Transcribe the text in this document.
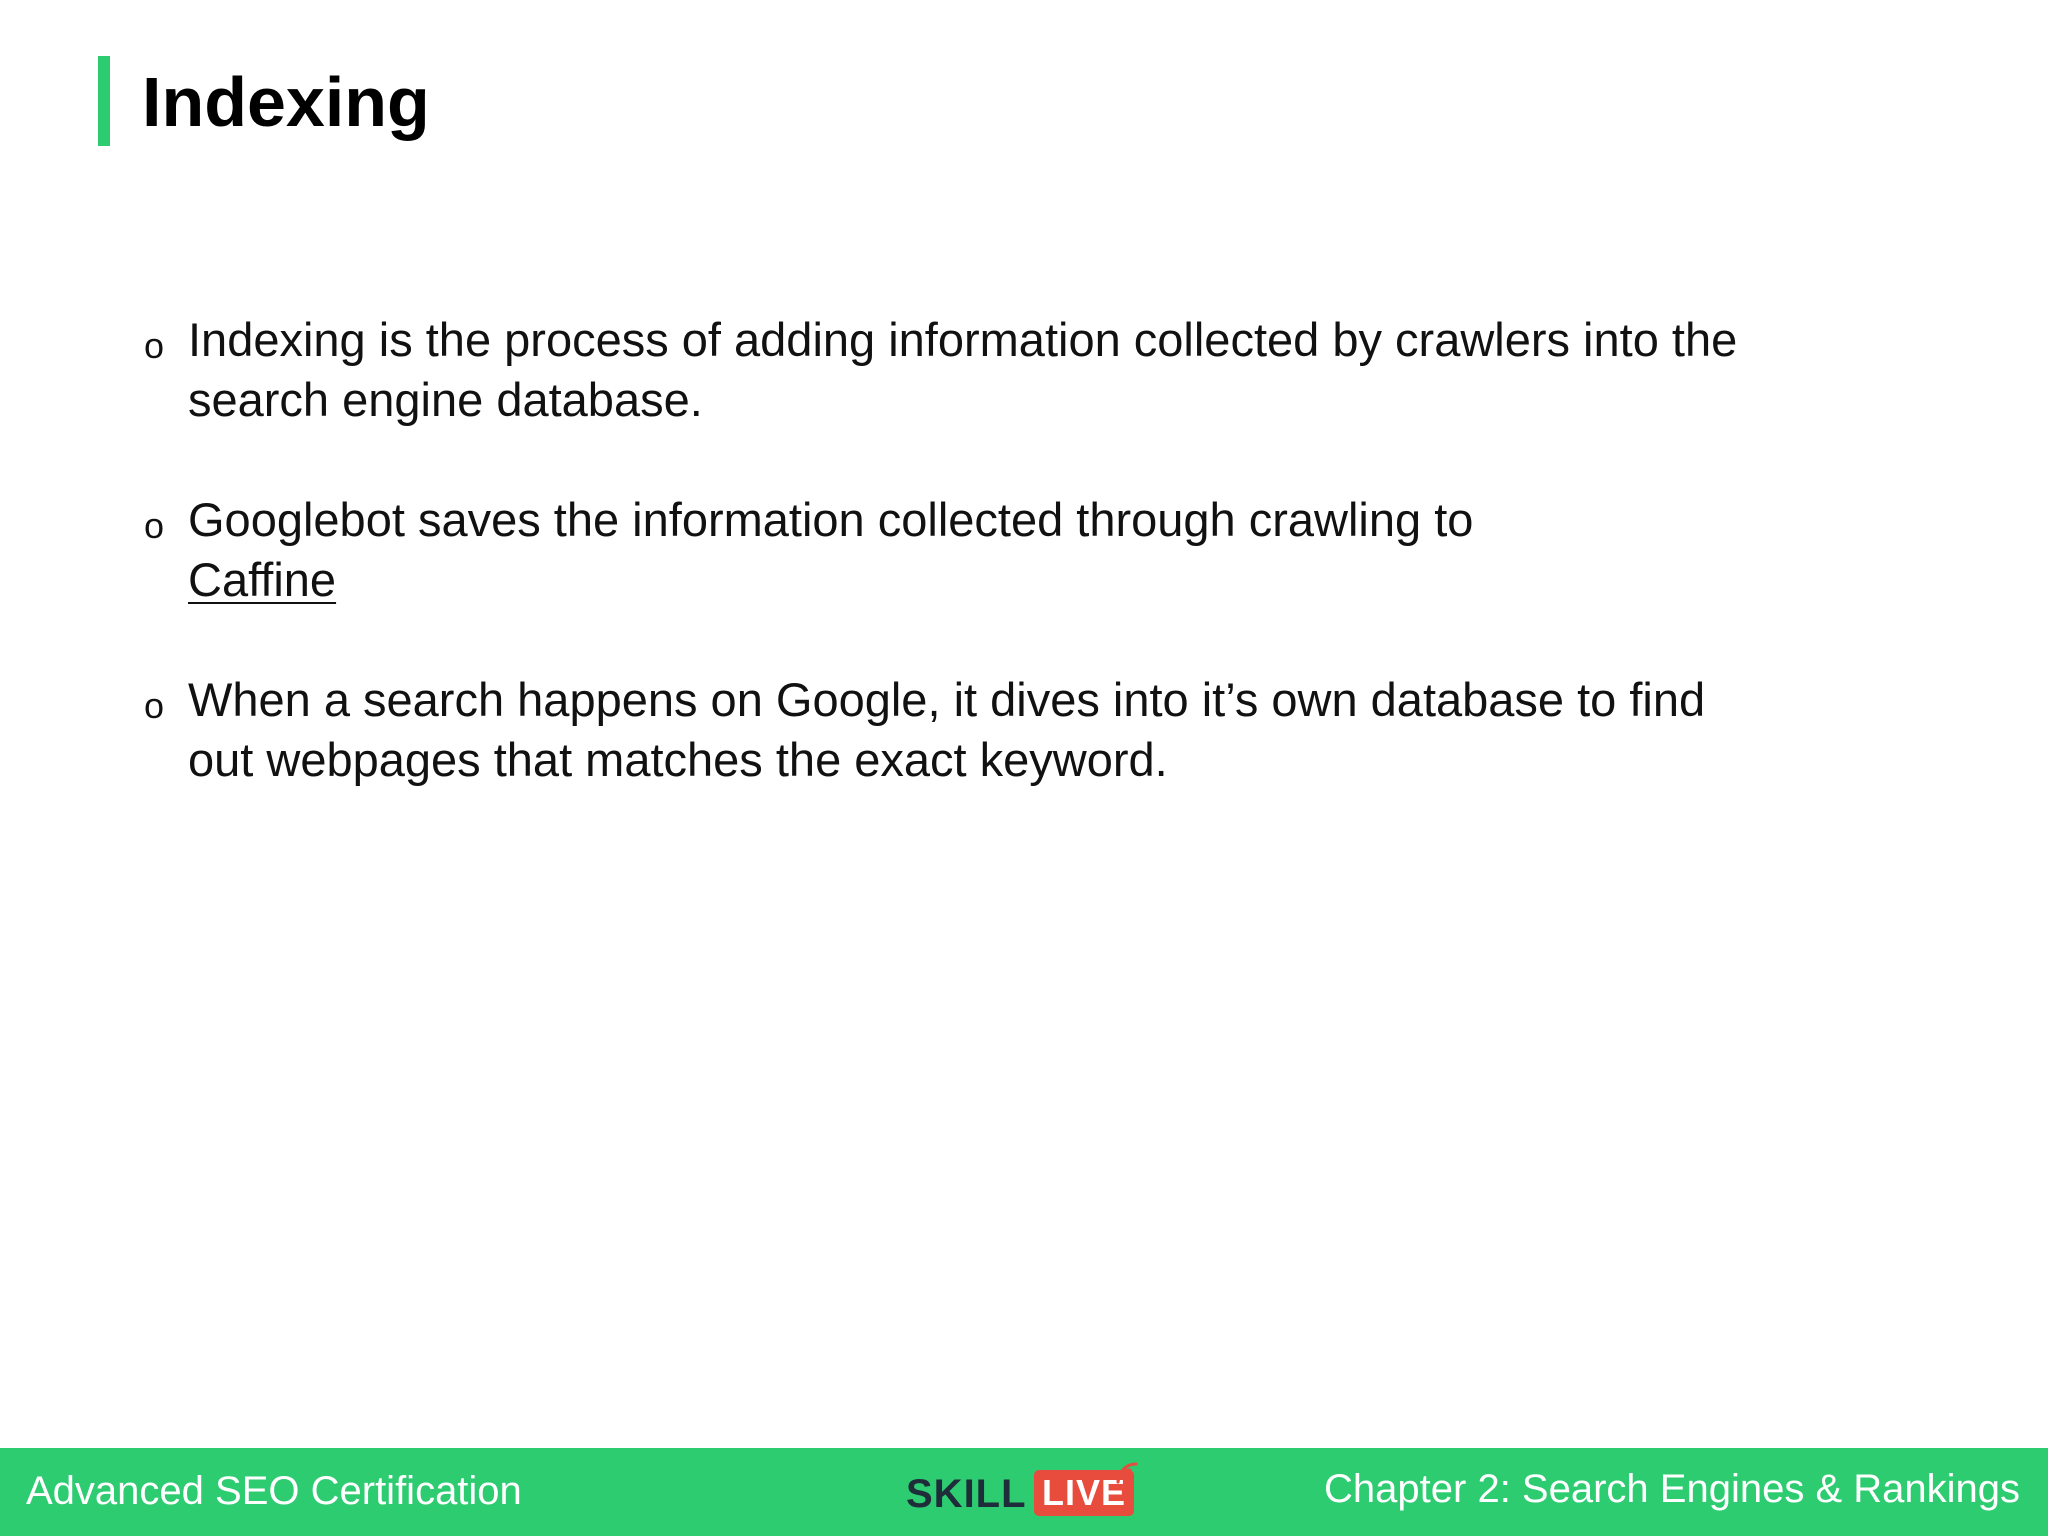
Indexing
o Indexing is the process of adding information collected by crawlers into the search engine database.
o Googlebot saves the information collected through crawling to
Caffine
o When a search happens on Google, it dives into it’s own database to find out webpages that matches the exact keyword.
Advanced SEO Certification	SKILL LIVE	Chapter 2: Search Engines & Rankings
